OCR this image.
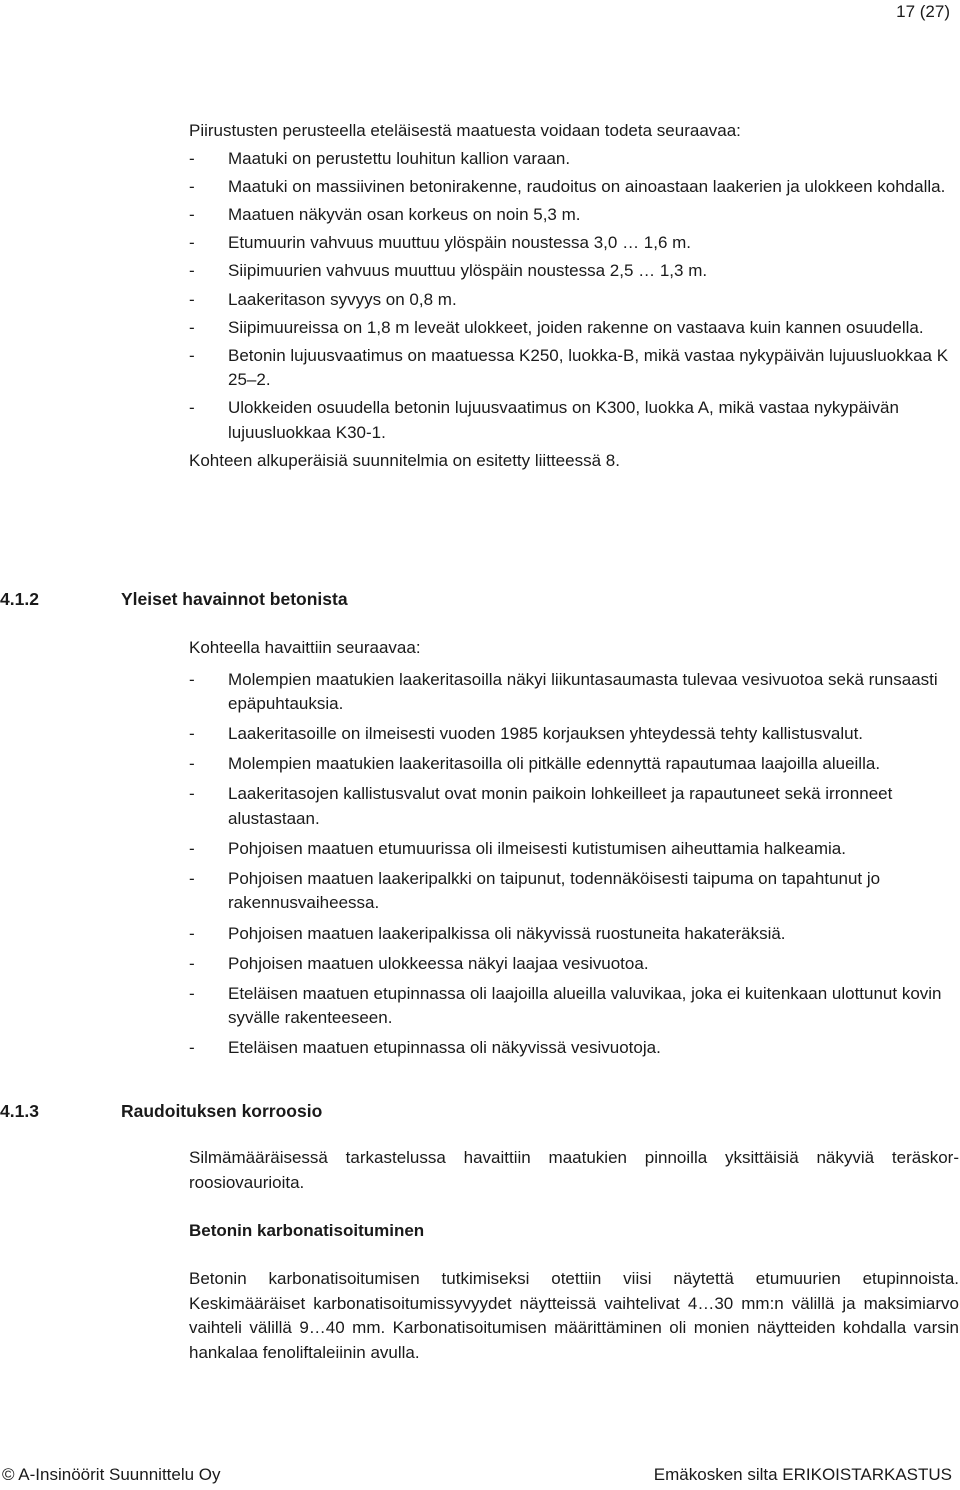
17 (27)

Piirustusten perusteella eteläisestä maatuesta voidaan todeta seuraavaa:

- Maatuki on perustettu louhitun kallion varaan.
- Maatuki on massiivinen betonirakenne, raudoitus on ainoastaan laakerien ja ulokkeen kohdalla.
- Maatuen näkyvän osan korkeus on noin 5,3 m.
- Etumuurin vahvuus muuttuu ylöspäin noustessa 3,0 … 1,6 m.
- Siipimuurien vahvuus muuttuu ylöspäin noustessa 2,5 … 1,3 m.
- Laakeritason syvyys on 0,8 m.
- Siipimuureissa on 1,8 m leveät ulokkeet, joiden rakenne on vastaava kuin kannen osuudella.
- Betonin lujuusvaatimus on maatuessa K250, luokka-B, mikä vastaa nykypäivän lujuusluokkaa K 25–2.
- Ulokkeiden osuudella betonin lujuusvaatimus on K300, luokka A, mikä vastaa nykypäivän lujuusluokkaa K30-1.

Kohteen alkuperäisiä suunnitelmia on esitetty liitteessä 8.

4.1.2	Yleiset havainnot betonista

Kohteella havaittiin seuraavaa:

- Molempien maatukien laakeritasoilla näkyi liikuntasaumasta tulevaa vesivuotoa sekä runsaasti epäpuhtauksia.
- Laakeritasoille on ilmeisesti vuoden 1985 korjauksen yhteydessä tehty kallistusvalut.
- Molempien maatukien laakeritasoilla oli pitkälle edennyttä rapautumaa laajoilla alueilla.
- Laakeritasojen kallistusvalut ovat monin paikoin lohkeilleet ja rapautuneet sekä irronneet alustastaan.
- Pohjoisen maatuen etumuurissa oli ilmeisesti kutistumisen aiheuttamia halkeamia.
- Pohjoisen maatuen laakeripalkki on taipunut, todennäköisesti taipuma on tapahtunut jo rakennusvaiheessa.
- Pohjoisen maatuen laakeripalkissa oli näkyvissä ruostuneita hakateräksiä.
- Pohjoisen maatuen ulokkeessa näkyi laajaa vesivuotoa.
- Eteläisen maatuen etupinnassa oli laajoilla alueilla valuvikaa, joka ei kuitenkaan ulottunut kovin syvälle rakenteeseen.
- Eteläisen maatuen etupinnassa oli näkyvissä vesivuotoja.
4.1.3	Raudoituksen korroosio
Silmämääräisessä tarkastelussa havaittiin maatukien pinnoilla yksittäisiä näkyviä teräskorroosiovaurioita.
Betonin karbonatisoituminen
Betonin karbonatisoitumisen tutkimiseksi otettiin viisi näytettä etumuurien etupinnoista. Keskimääräiset karbonatisoitumissyvyydet näytteissä vaihtelivat 4…30 mm:n välillä ja maksimiarvo vaihteli välillä 9…40 mm. Karbonatisoitumisen määrittäminen oli monien näytteiden kohdalla varsin hankalaa fenoliftaleiinin avulla.
© A-Insinöörit Suunnittelu Oy	Emäkosken silta ERIKOISTARKASTUS
